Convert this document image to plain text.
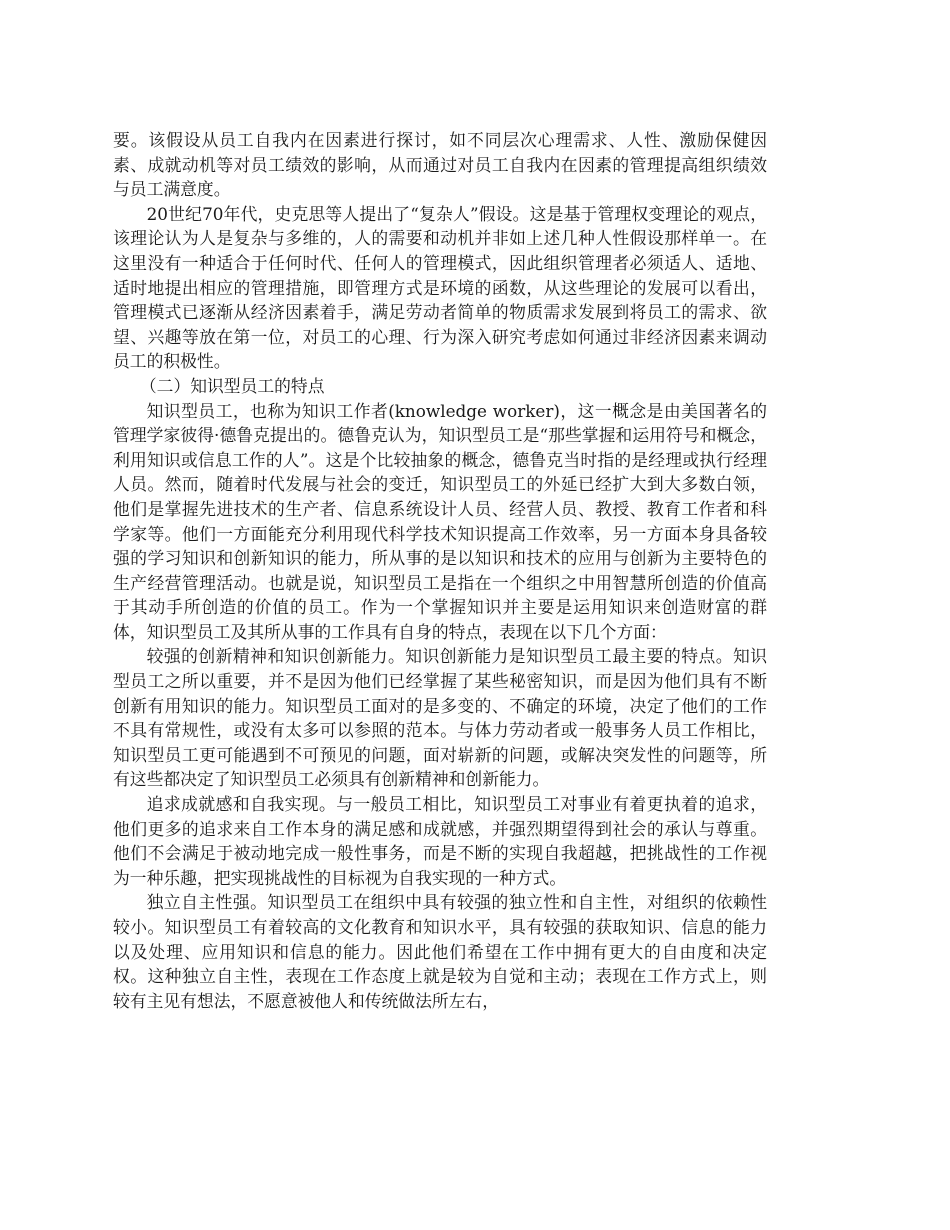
要。该假设从员工自我内在因素进行探讨，如不同层次心理需求、人性、激励保健因素、成就动机等对员工绩效的影响，从而通过对员工自我内在因素的管理提高组织绩效与员工满意度。

20世纪70年代，史克思等人提出了“复杂人”假设。这是基于管理权变理论的观点，该理论认为人是复杂与多维的，人的需要和动机并非如上述几种人性假设那样单一。在这里没有一种适合于任何时代、任何人的管理模式，因此组织管理者必须适人、适地、适时地提出相应的管理措施，即管理方式是环境的函数，从这些理论的发展可以看出，管理模式已逐渐从经济因素着手，满足劳动者简单的物质需求发展到将员工的需求、欲望、兴趣等放在第一位，对员工的心理、行为深入研究考虑如何通过非经济因素来调动员工的积极性。

（二）知识型员工的特点

知识型员工，也称为知识工作者(knowledge worker)，这一概念是由美国著名的管理学家彼得·德鲁克提出的。德鲁克认为，知识型员工是“那些掌握和运用符号和概念，利用知识或信息工作的人”。这是个比较抽象的概念，德鲁克当时指的是经理或执行经理人员。然而，随着时代发展与社会的变迁，知识型员工的外延已经扩大到大多数白领，他们是掌握先进技术的生产者、信息系统设计人员、经营人员、教授、教育工作者和科学家等。他们一方面能充分利用现代科学技术知识提高工作效率，另一方面本身具备较强的学习知识和创新知识的能力，所从事的是以知识和技术的应用与创新为主要特色的生产经营管理活动。也就是说，知识型员工是指在一个组织之中用智慧所创造的价值高于其动手所创造的价值的员工。作为一个掌握知识并主要是运用知识来创造财富的群体，知识型员工及其所从事的工作具有自身的特点，表现在以下几个方面：

较强的创新精神和知识创新能力。知识创新能力是知识型员工最主要的特点。知识型员工之所以重要，并不是因为他们已经掌握了某些秘密知识，而是因为他们具有不断创新有用知识的能力。知识型员工面对的是多变的、不确定的环境，决定了他们的工作不具有常规性，或没有太多可以参照的范本。与体力劳动者或一般事务人员工作相比，知识型员工更可能遇到不可预见的问题，面对崭新的问题，或解决突发性的问题等，所有这些都决定了知识型员工必须具有创新精神和创新能力。

追求成就感和自我实现。与一般员工相比，知识型员工对事业有着更执着的追求，他们更多的追求来自工作本身的满足感和成就感，并强烈期望得到社会的承认与尊重。他们不会满足于被动地完成一般性事务，而是不断的实现自我超越，把挑战性的工作视为一种乐趣，把实现挑战性的目标视为自我实现的一种方式。

独立自主性强。知识型员工在组织中具有较强的独立性和自主性，对组织的依赖性较小。知识型员工有着较高的文化教育和知识水平，具有较强的获取知识、信息的能力以及处理、应用知识和信息的能力。因此他们希望在工作中拥有更大的自由度和决定权。这种独立自主性，表现在工作态度上就是较为自觉和主动；表现在工作方式上，则较有主见有想法，不愿意被他人和传统做法所左右，
